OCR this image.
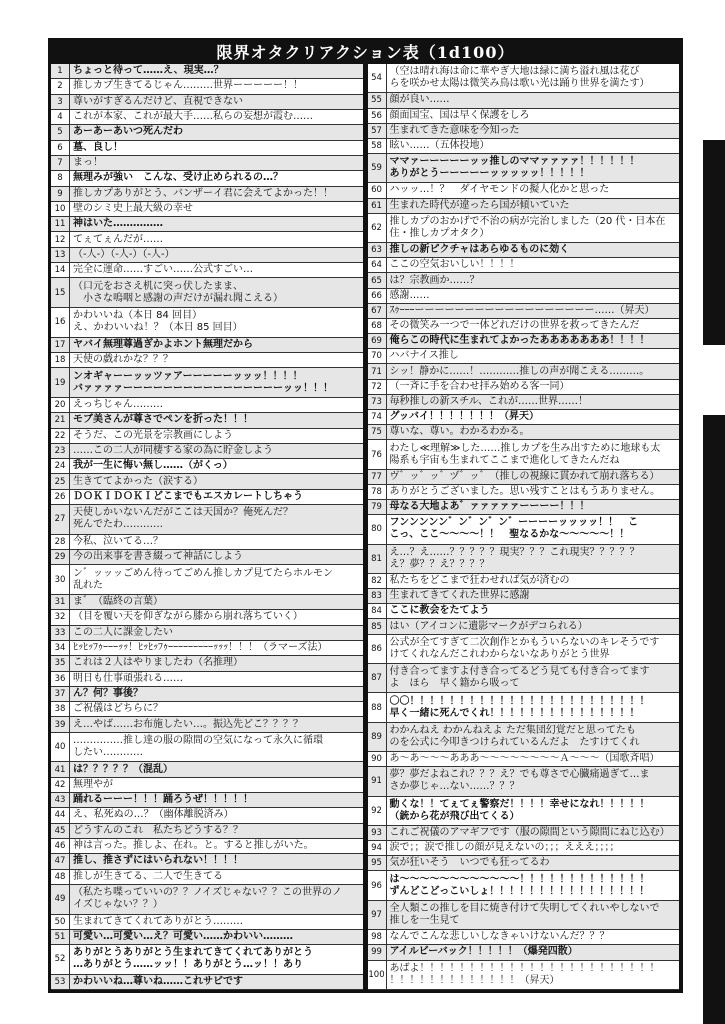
限界オタクリアクション表（1d100）
1	ちょっと待って……え、現実…？
2	推しカプ生きてるじゃん………世界ーーーーー！！
3	尊いがすぎるんだけど、直視できない
4	これが本家、これが最大手……私らの妄想が霞む……
5	あーあーあいつ死んだわ
6	墓、良し！
7	まっ！
8	無理みが強い　こんな、受け止められるの…？
9	推しカプありがとう、バンザーイ君に会えてよかった！！
10 壁のシミ史上最大級の幸せ
11 神はいた……………
12 てぇてぇんだが……
13 （-人-）（-人-）（-人-）
14 完全に運命……すごい……公式すごい…
15
（口元をおさえ机に突っ伏したまま、
　小さな嗚咽と感謝の声だけが漏れ聞こえる）
16
かわいいね（本日 84 回目）
え、かわいいね！？（本日 85 回目）
17 ヤバイ無理尊過ぎかよホント無理だから
18 天使の戯れかな？？？
19
ンオギャーーッッツァアーーーーーッッッ！！！！
バァァァァーーーーーーーーーーーーーーーーッッ！！！
20 えっちじゃん………
21 モブ美さんが尊さでペンを折った！！！
22 そうだ、この光景を宗教画にしよう
23 ……この二人が同棲する家の為に貯金しよう
24 我が一生に悔い無し……（がくっ）
25 生きててよかった（涙する）
26 ＤＯＫＩＤＯＫＩどこまでもエスカレートしちゃう
27
天使しかいないんだがここは天国か？俺死んだ？
死んでたわ…………
28 今私、泣いてる…？
29 今の出来事を書き綴って神話にしよう
30
ン゛ッッッごめん待ってごめん推しカプ見てたらホルモン
乱れた
31 ま゛（臨終の言葉）
32 （目を覆い天を仰ぎながら膝から崩れ落ちていく）
33 この二人に課金したい
34 ﾋｯﾋｯﾌｩｰｰｰｯｯ！ﾋｯﾋｯﾌｩｰｰｰｰｰｰｰｰｰｯｯｯ！！！（ラマーズ法）
35 これは２人はやりましたわ（名推理）
36 明日も仕事頑張れる……
37 ん？何？事後？
38 ご祝儀はどちらに？
39 え…やば……お布施したい…。振込先どこ？？？？
40
……………推し達の服の隙間の空気になって永久に循環
したい…………
41 は？？？？？（混乱）
42 無理やが
43 踊れるーーー！！！踊ろうぜ！！！！！
44 え、私死ぬの…？（幽体離脱済み）
45 どうすんのこれ　私たちどうする？？
46 神は言った。推しよ、在れ。と。すると推しがいた。
47 推し、推さずにはいられない！！！！
48 推しが生きてる、二人で生きてる
49
（私たち喋っていいの？？ノイズじゃない？？この世界のノ
イズじゃない？？）
50 生まれてきてくれてありがとう………
51 可愛い…可愛い…え？可愛い……かわいい………
52
ありがとうありがとう生まれてきてくれてありがとう
…ありがとう……ッッ！！ありがとう…ッ！！あり
53 かわいいね…尊いね……これサビです
54
（空は晴れ海は命に華やぎ大地は緑に満ち溢れ風は花び
らを咲かせ太陽は微笑み鳥は歌い光は踊り世界を満たす）
55 顔が良い……
56 顔面国宝、国は早く保護をしろ
57 生まれてきた意味を今知った
58 眩い……（五体投地）
59
ママァーーーーーッッ推しのママァァァァ！！！！！！
ありがとうーーーーーッッッッッ！！！！！
60 ハッッ…！？　ダイヤモンドの擬人化かと思った
61 生まれた時代が違ったら国が傾いていた
62
推しカプのおかげで不治の病が完治しました（20 代・日本在
住・推しカプオタク）
63 推しの新ピクチャはあらゆるものに効く
64 ここの空気おいしい！！！！
65 は？宗教画か……？
66 感謝……
67 ｽｩｰｰｰーーーーーーーーーーーーーーーーーー……（昇天）
68 その微笑み一つで一体どれだけの世界を救ってきたんだ
69 俺らこの時代に生まれてよかったあああああああ！！！！
70 ハバナイス推し
71 シッ！静かに……！…………推しの声が聞こえる………。
72 （一斉に手を合わせ拝み始める客一同）
73 毎秒推しの新スチル、これが……世界……！
74 グッバイ！！！！！！！（昇天）
75 尊いな、尊い。わかるわかる。
76
わたし≪理解≫した……推しカプを生み出すために地球も太
陽系も宇宙も生まれてここまで進化してきたんだね
77 ヴ゛ッ゛ッ゛ヅ゛ッ゛（推しの視線に貫かれて崩れ落ちる）
78 ありがとうございました。思い残すことはもうありません。
79 母なる大地よあ゛ァァァァァーーーー！！！
80
フンンンンン゛ン゛ン゛ン゛ーーーーッッッッ！！　こ
こっ、ここ～～～～！！　聖なるかな～～～～～！！
81
え…？え……？？？？？現実？？？これ現実？？？？？
え？夢？？え？？？？
82 私たちをどこまで狂わせれば気が済むの
83 生まれてきてくれた世界に感謝
84 ここに教会をたてよう
85 はい（アイコンに遺影マークがデコられる）
86
公式が全てすぎて二次創作とかもういらないのキレそうです
けてくれなんだこれわからないなありがとう世界
87
付き合ってますよ付き合ってるどう見ても付き合ってます
よ　ほら　早く籍から吸って
88
〇〇！！！！！！！！！！！！！！！！！！！！！！！！
早く一緒に死んでくれ！！！！！！！！！！！！！！！
89
わかんねえ わかんねえよ ただ集団幻覚だと思ってたも
のを公式に今叩きつけられているんだよ　たすけてくれ
90 あ～あ～～～あああ～～～～～～～～Ａ～～～（国歌斉唱）
91
夢？夢だよねこれ？？？え？でも尊さで心臓痛過ぎて…ま
さか夢じゃ…ない……？？？
92
動くな！！てぇてぇ警察だ！！！！幸せになれ！！！！！
（銃から花が飛び出てくる）
93 これご祝儀のアマギフです（服の隙間という隙間にねじ込む）
94 涙で；；涙で推しの顔が見えないの；；；えええ；；；；
95 気が狂いそう　いつでも狂ってるわ
96
は～～～～～～～～～～～～！！！！！！！！！！！！！
ずんどこどっこいしょ！！！！！！！！！！！！！！！！
97
全人類この推しを目に焼き付けて失明してくれいやしないで
推しを一生見て
98 なんでこんな悲しいしなきゃいけないんだ？？？
99 アイルビーバック！！！！！（爆発四散）
100
あばよ！！！！！！！！！！！！！！！！！！！！！！！！
！！！！！！！！！！！！！（昇天）
